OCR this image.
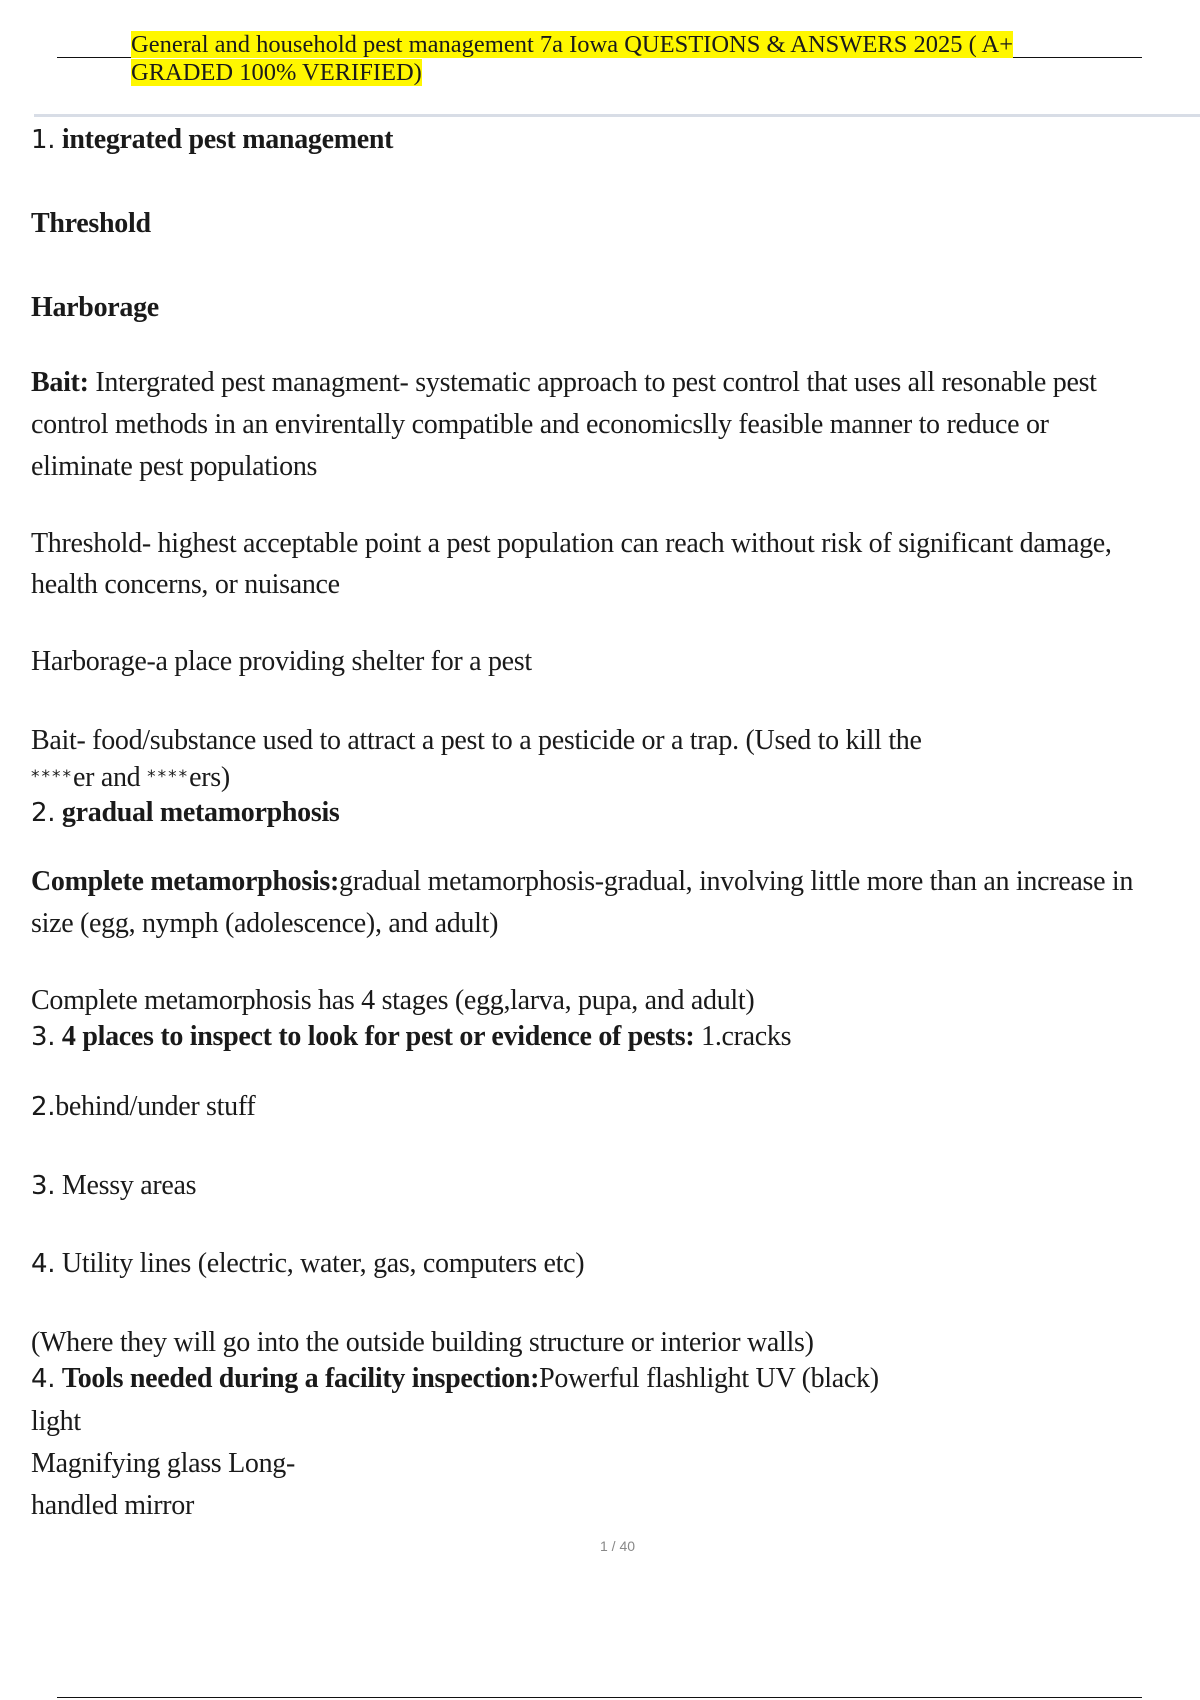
General and household pest management 7a Iowa QUESTIONS & ANSWERS 2025 ( A+
GRADED 100% VERIFIED)
1. integrated pest management
Threshold
Harborage
Bait: Intergrated pest managment- systematic approach to pest control that uses all resonable pest
control methods in an envirentally compatible and economicslly feasible manner to reduce or
eliminate pest populations
Threshold- highest acceptable point a pest population can reach without risk of significant damage,
health concerns, or nuisance
Harborage-a place providing shelter for a pest
Bait- food/substance used to attract a pest to a pesticide or a trap. (Used to kill the
****er and ****ers)
2. gradual metamorphosis
Complete metamorphosis:gradual metamorphosis-gradual, involving little more than an increase in
size (egg, nymph (adolescence), and adult)
Complete metamorphosis has 4 stages (egg,larva, pupa, and adult)
3. 4 places to inspect to look for pest or evidence of pests: 1.cracks
2.behind/under stuff
3. Messy areas
4. Utility lines (electric, water, gas, computers etc)
(Where they will go into the outside building structure or interior walls)
4. Tools needed during a facility inspection:Powerful flashlight UV (black)
light
Magnifying glass Long-
handled mirror
1 / 40
